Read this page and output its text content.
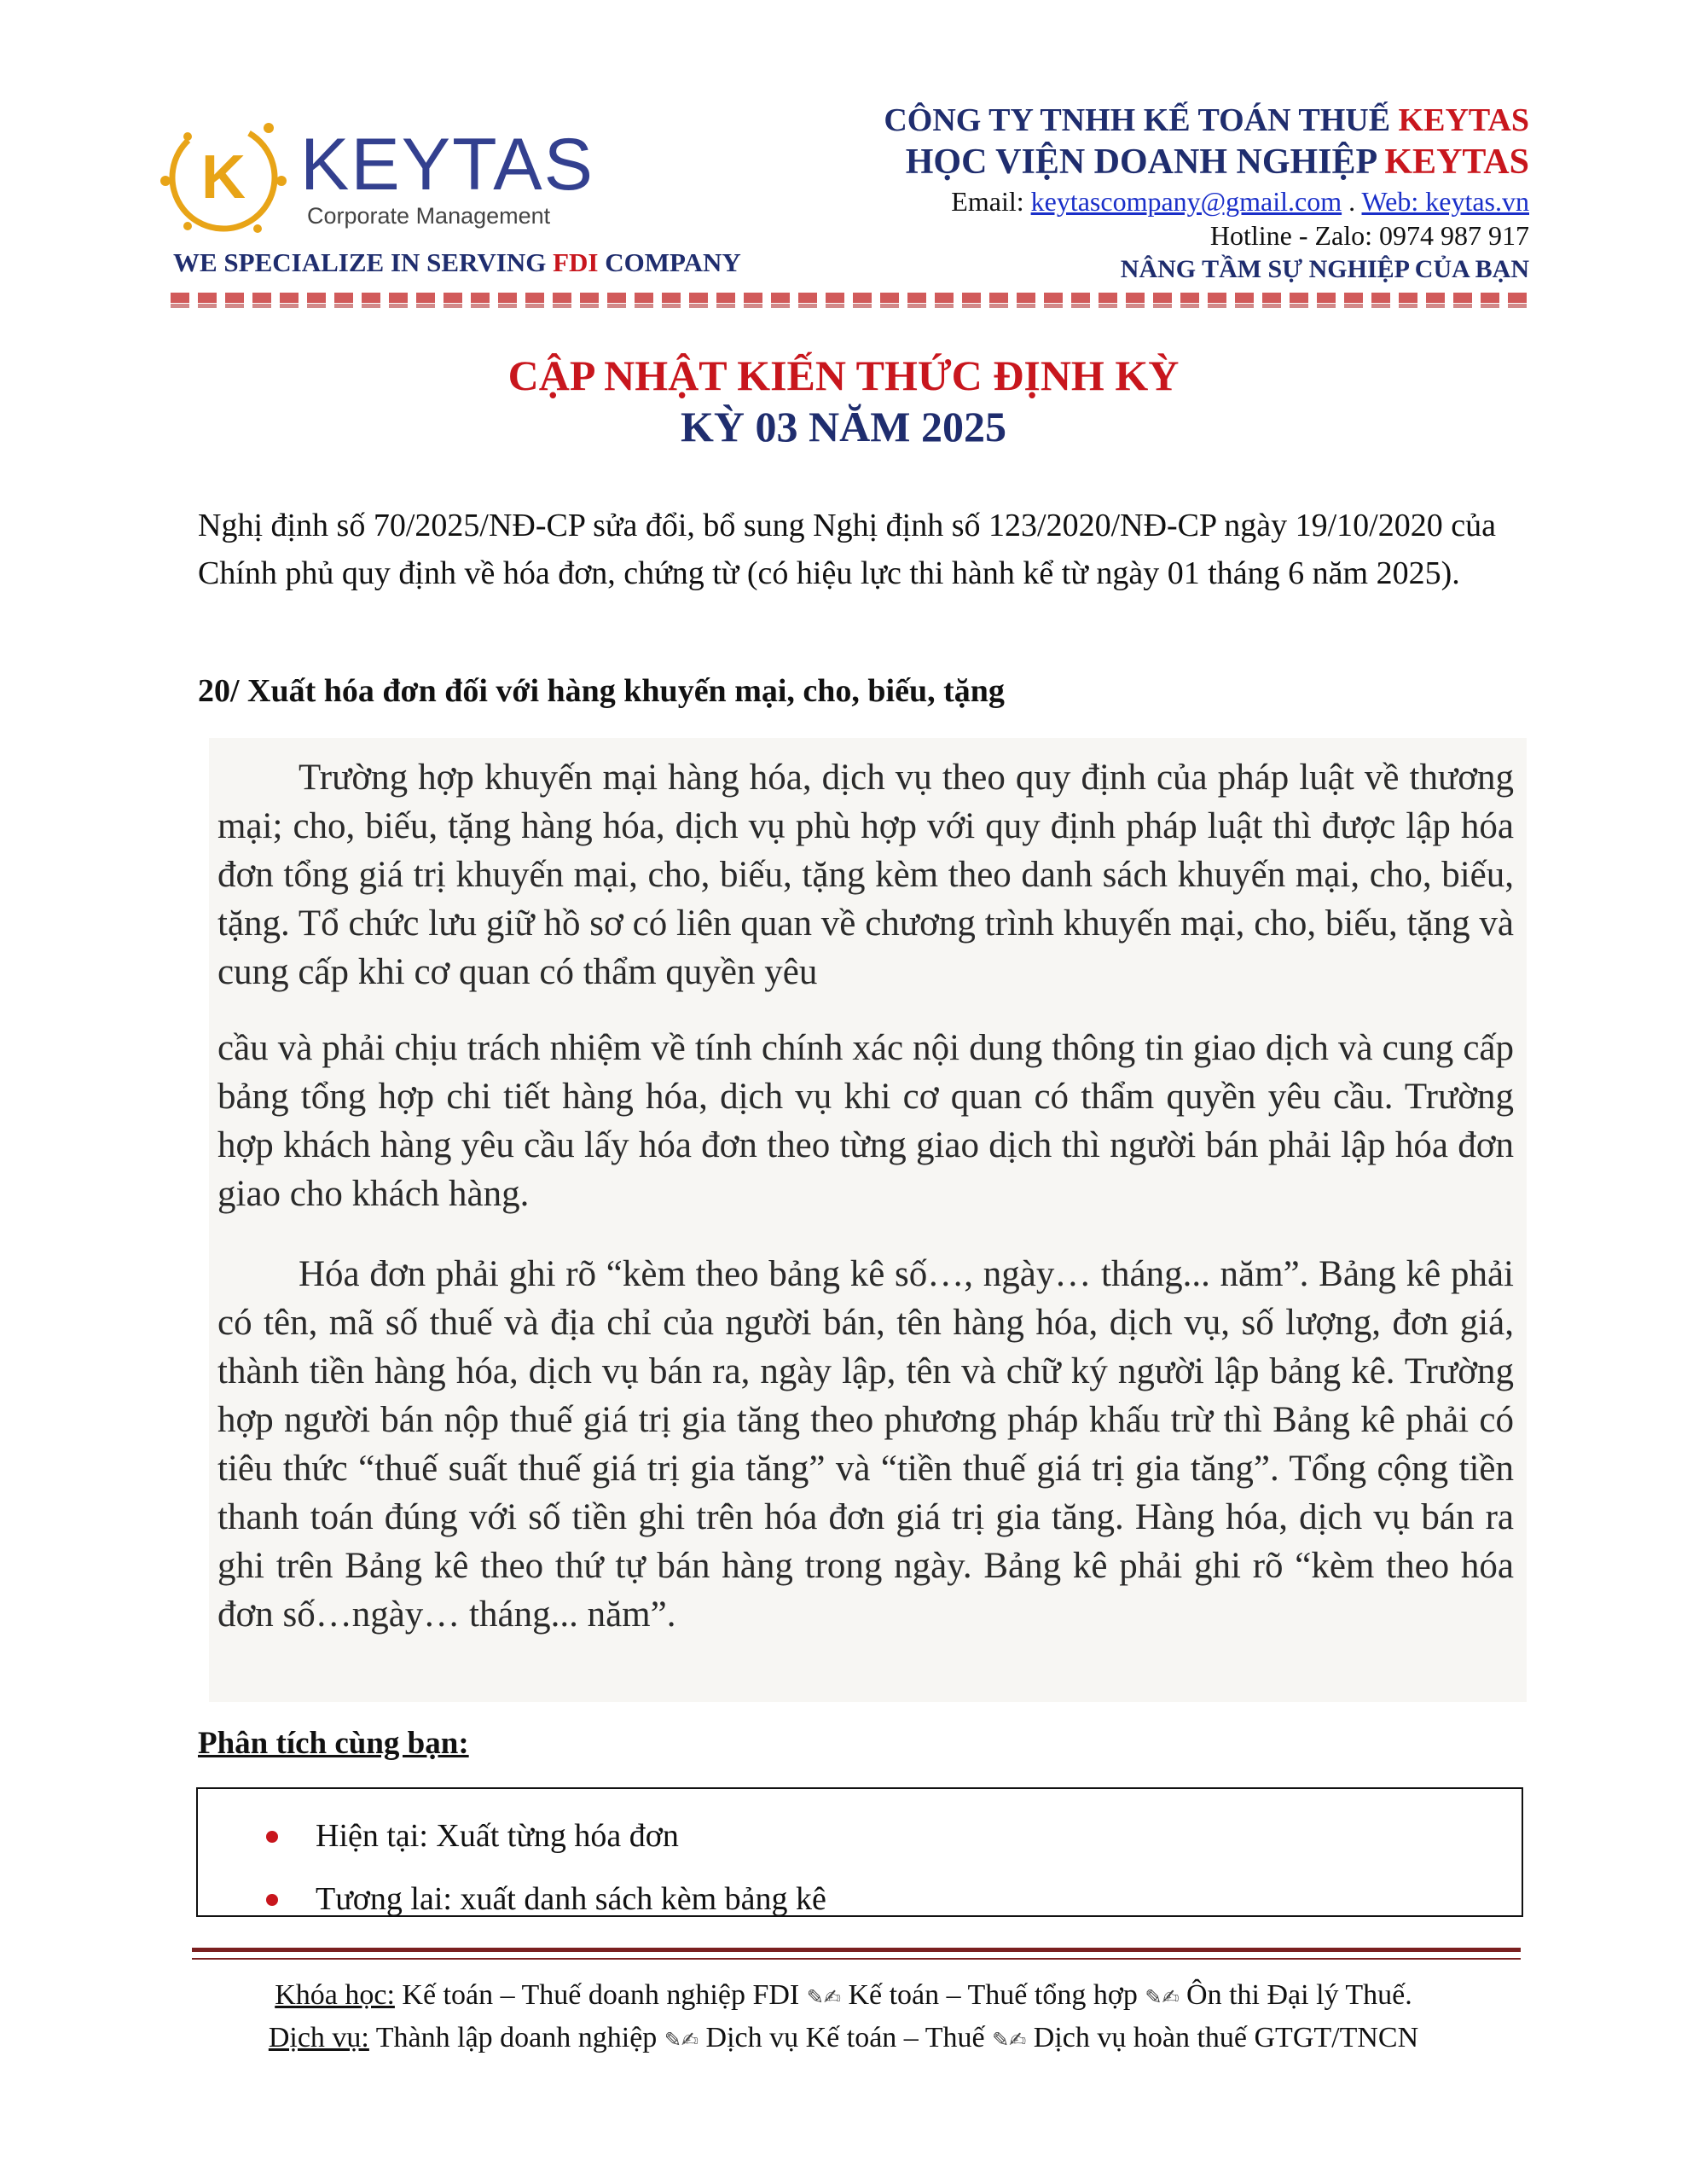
K KEYTAS
Corporate Management
WE SPECIALIZE IN SERVING FDI COMPANY
CÔNG TY TNHH KẾ TOÁN THUẾ KEYTAS
HỌC VIỆN DOANH NGHIỆP KEYTAS
Email: keytascompany@gmail.com . Web: keytas.vn
Hotline - Zalo: 0974 987 917
NÂNG TẦM SỰ NGHIỆP CỦA BẠN
CẬP NHẬT KIẾN THỨC ĐỊNH KỲ
KỲ 03 NĂM 2025
Nghị định số 70/2025/NĐ-CP sửa đổi, bổ sung Nghị định số 123/2020/NĐ-CP ngày 19/10/2020 của Chính phủ quy định về hóa đơn, chứng từ (có hiệu lực thi hành kể từ ngày 01 tháng 6 năm 2025).
20/ Xuất hóa đơn đối với hàng khuyến mại, cho, biếu, tặng

Trường hợp khuyến mại hàng hóa, dịch vụ theo quy định của pháp luật về thương mại; cho, biếu, tặng hàng hóa, dịch vụ phù hợp với quy định pháp luật thì được lập hóa đơn tổng giá trị khuyến mại, cho, biếu, tặng kèm theo danh sách khuyến mại, cho, biếu, tặng. Tổ chức lưu giữ hồ sơ có liên quan về chương trình khuyến mại, cho, biếu, tặng và cung cấp khi cơ quan có thẩm quyền yêu

cầu và phải chịu trách nhiệm về tính chính xác nội dung thông tin giao dịch và cung cấp bảng tổng hợp chi tiết hàng hóa, dịch vụ khi cơ quan có thẩm quyền yêu cầu. Trường hợp khách hàng yêu cầu lấy hóa đơn theo từng giao dịch thì người bán phải lập hóa đơn giao cho khách hàng.

Hóa đơn phải ghi rõ “kèm theo bảng kê số…, ngày… tháng... năm”. Bảng kê phải có tên, mã số thuế và địa chỉ của người bán, tên hàng hóa, dịch vụ, số lượng, đơn giá, thành tiền hàng hóa, dịch vụ bán ra, ngày lập, tên và chữ ký người lập bảng kê. Trường hợp người bán nộp thuế giá trị gia tăng theo phương pháp khấu trừ thì Bảng kê phải có tiêu thức “thuế suất thuế giá trị gia tăng” và “tiền thuế giá trị gia tăng”. Tổng cộng tiền thanh toán đúng với số tiền ghi trên hóa đơn giá trị gia tăng. Hàng hóa, dịch vụ bán ra ghi trên Bảng kê theo thứ tự bán hàng trong ngày. Bảng kê phải ghi rõ “kèm theo hóa đơn số…ngày… tháng... năm”.

Phân tích cùng bạn:
Hiện tại: Xuất từng hóa đơn
Tương lai: xuất danh sách kèm bảng kê
Khóa học: Kế toán – Thuế doanh nghiệp FDI ✎✍ Kế toán – Thuế tổng hợp ✎✍ Ôn thi Đại lý Thuế.
Dịch vụ: Thành lập doanh nghiệp ✎✍ Dịch vụ Kế toán – Thuế ✎✍ Dịch vụ hoàn thuế GTGT/TNCN
